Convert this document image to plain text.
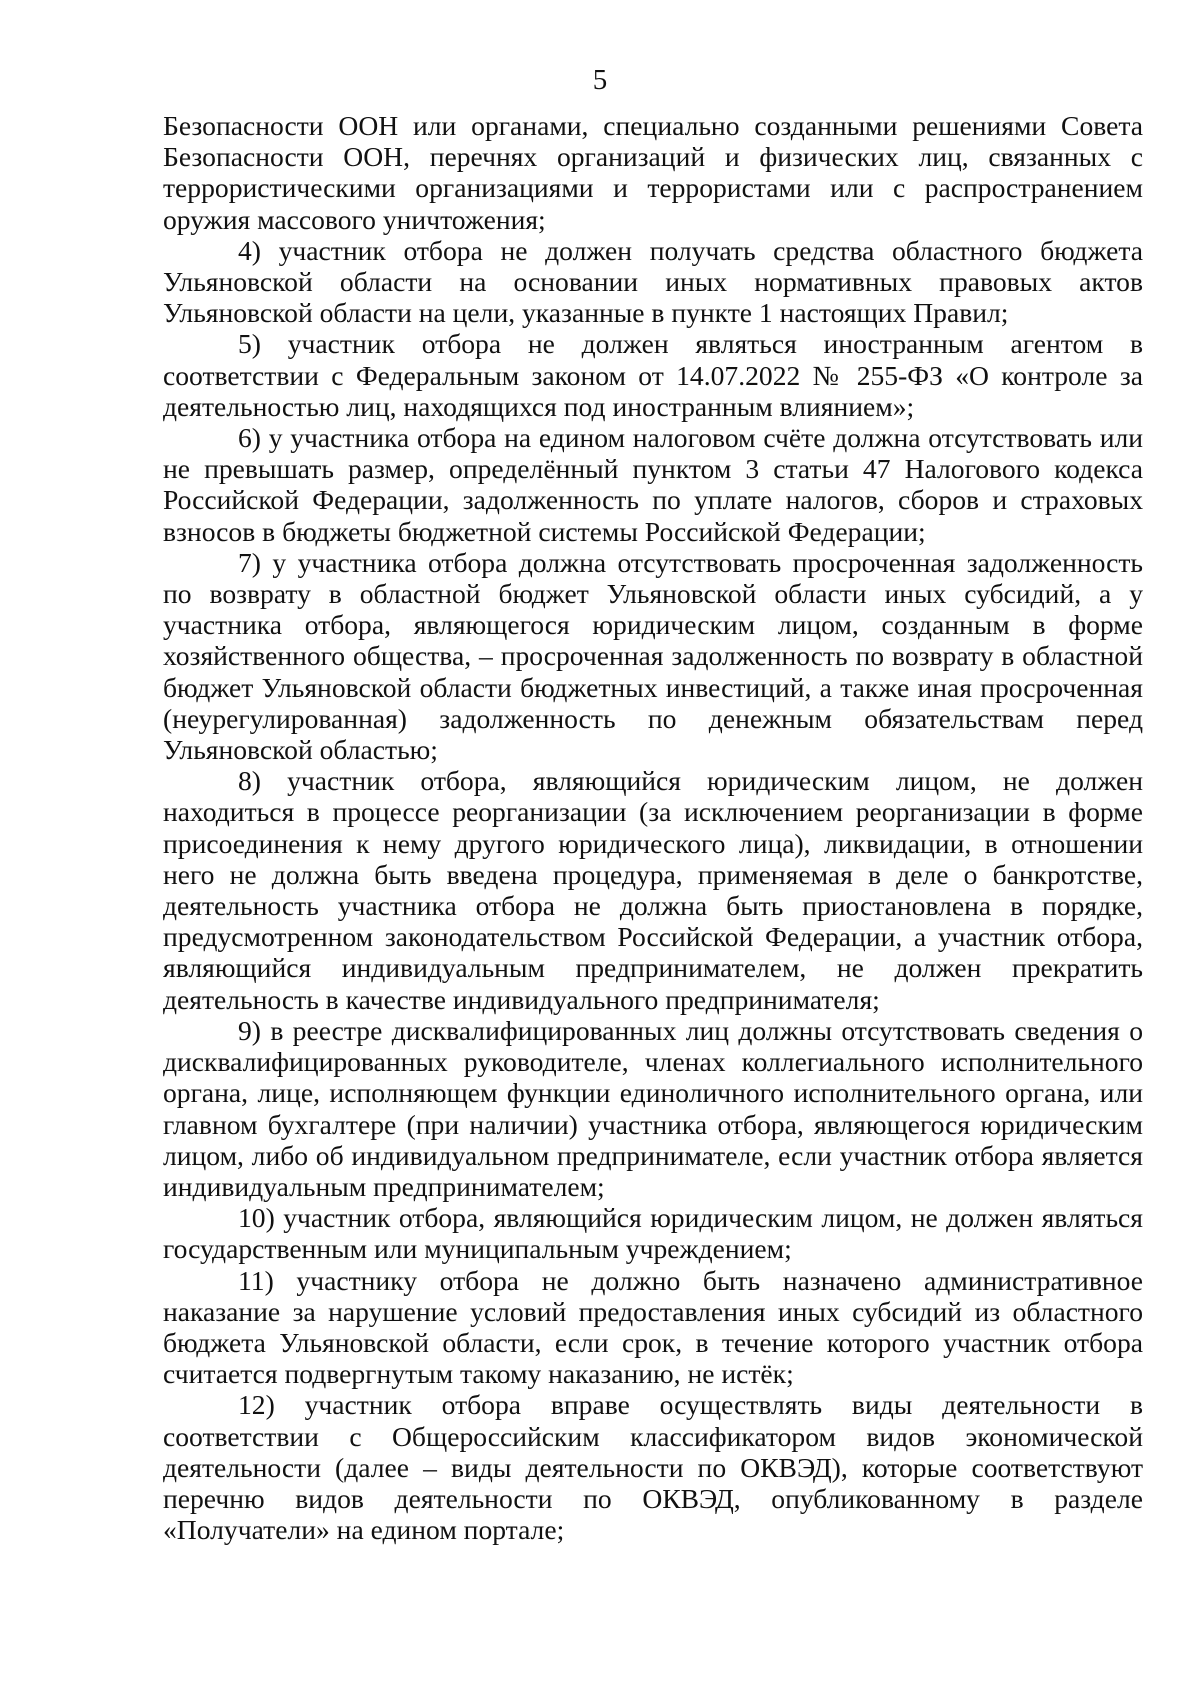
5

Безопасности ООН или органами, специально созданными решениями Совета Безопасности ООН, перечнях организаций и физических лиц, связанных с террористическими организациями и террористами или с распространением оружия массового уничтожения;

4) участник отбора не должен получать средства областного бюджета Ульяновской области на основании иных нормативных правовых актов Ульяновской области на цели, указанные в пункте 1 настоящих Правил;

5) участник отбора не должен являться иностранным агентом в соответствии с Федеральным законом от 14.07.2022 № 255-ФЗ «О контроле за деятельностью лиц, находящихся под иностранным влиянием»;

6) у участника отбора на едином налоговом счёте должна отсутствовать или не превышать размер, определённый пунктом 3 статьи 47 Налогового кодекса Российской Федерации, задолженность по уплате налогов, сборов и страховых взносов в бюджеты бюджетной системы Российской Федерации;

7) у участника отбора должна отсутствовать просроченная задолженность по возврату в областной бюджет Ульяновской области иных субсидий, а у участника отбора, являющегося юридическим лицом, созданным в форме хозяйственного общества, – просроченная задолженность по возврату в областной бюджет Ульяновской области бюджетных инвестиций, а также иная просроченная (неурегулированная) задолженность по денежным обязательствам перед Ульяновской областью;

8) участник отбора, являющийся юридическим лицом, не должен находиться в процессе реорганизации (за исключением реорганизации в форме присоединения к нему другого юридического лица), ликвидации, в отношении него не должна быть введена процедура, применяемая в деле о банкротстве, деятельность участника отбора не должна быть приостановлена в порядке, предусмотренном законодательством Российской Федерации, а участник отбора, являющийся индивидуальным предпринимателем, не должен прекратить деятельность в качестве индивидуального предпринимателя;

9) в реестре дисквалифицированных лиц должны отсутствовать сведения о дисквалифицированных руководителе, членах коллегиального исполнительного органа, лице, исполняющем функции единоличного исполнительного органа, или главном бухгалтере (при наличии) участника отбора, являющегося юридическим лицом, либо об индивидуальном предпринимателе, если участник отбора является индивидуальным предпринимателем;

10) участник отбора, являющийся юридическим лицом, не должен являться государственным или муниципальным учреждением;

11) участнику отбора не должно быть назначено административное наказание за нарушение условий предоставления иных субсидий из областного бюджета Ульяновской области, если срок, в течение которого участник отбора считается подвергнутым такому наказанию, не истёк;

12) участник отбора вправе осуществлять виды деятельности в соответствии с Общероссийским классификатором видов экономической деятельности (далее – виды деятельности по ОКВЭД), которые соответствуют перечню видов деятельности по ОКВЭД, опубликованному в разделе «Получатели» на едином портале;
